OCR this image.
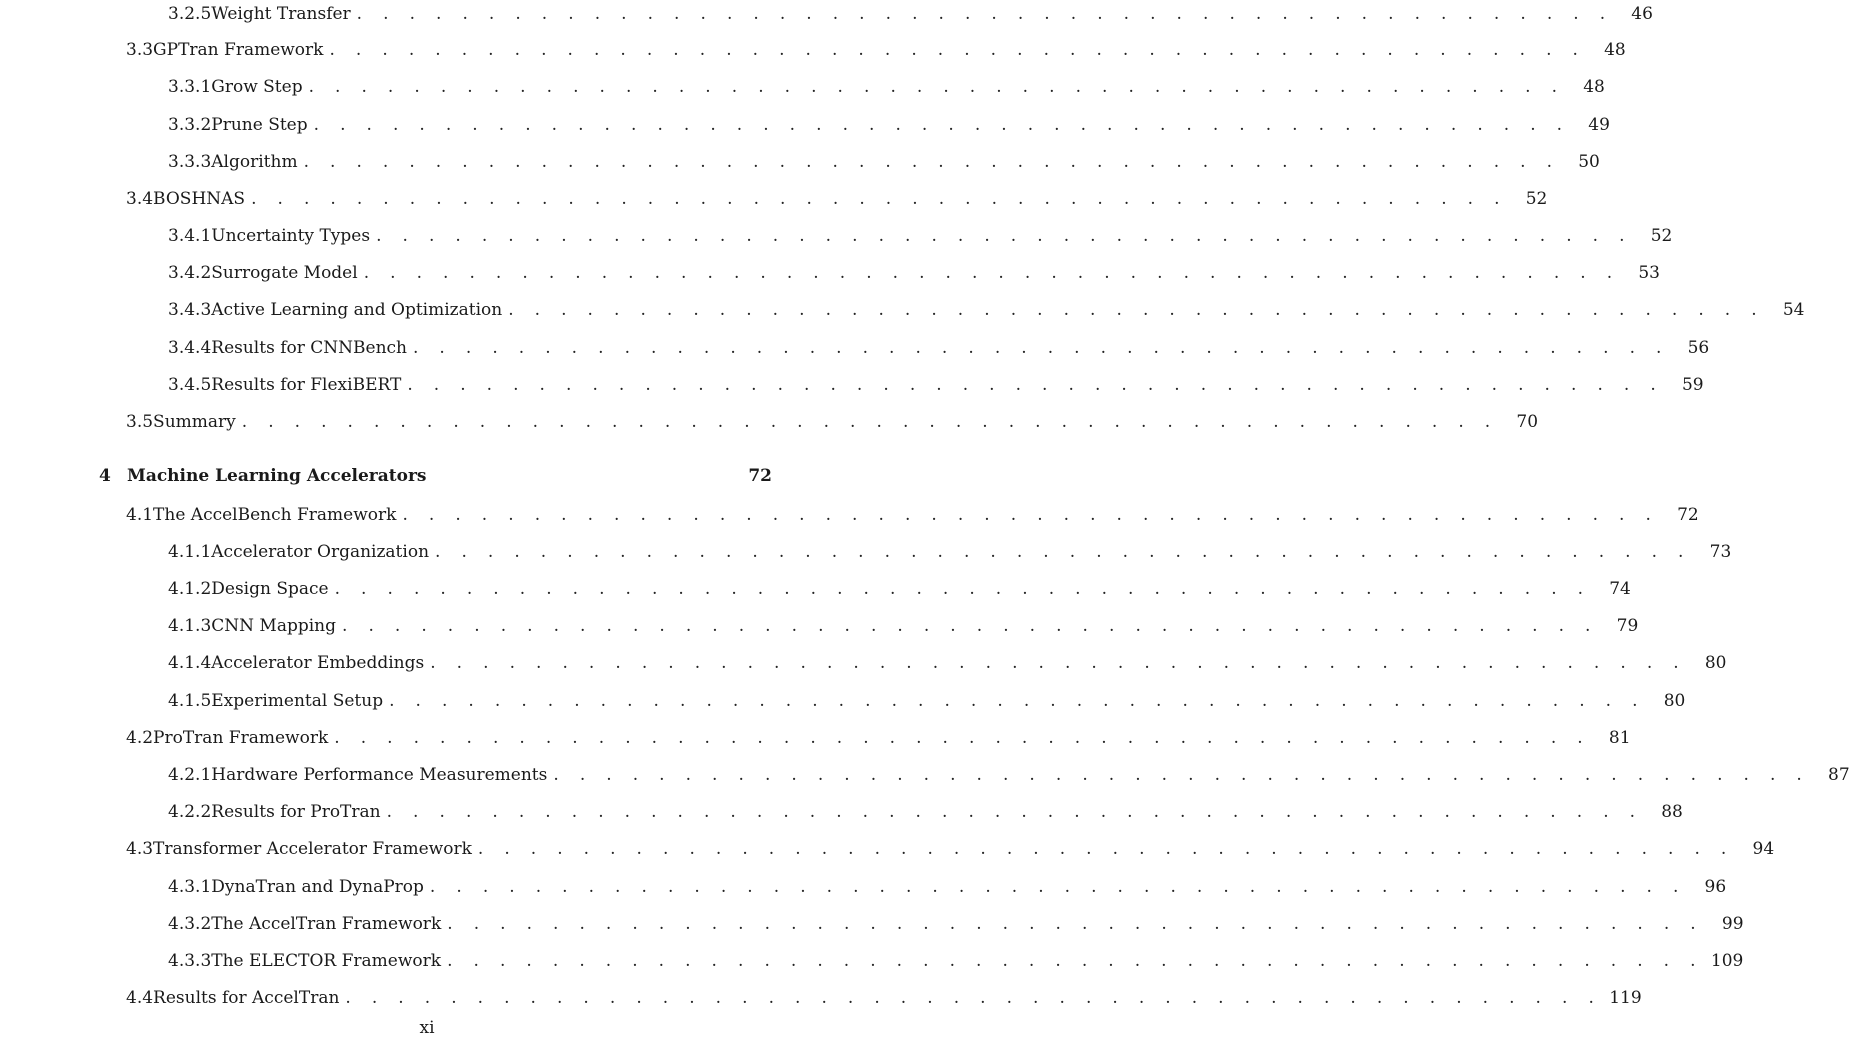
3.2.5 Weight Transfer . . . . . . . . . . . . . . . . . . . . . . . . . . . . . . . . . . . . . . . . . . . . . . . .	46
3.3 GPTran Framework . . . . . . . . . . . . . . . . . . . . . . . . . . . . . . . . . . . . . . . . . . . . . . . .	48
3.3.1 Grow Step . . . . . . . . . . . . . . . . . . . . . . . . . . . . . . . . . . . . . . . . . . . . . . . .	48
3.3.2 Prune Step . . . . . . . . . . . . . . . . . . . . . . . . . . . . . . . . . . . . . . . . . . . . . . . .	49
3.3.3 Algorithm . . . . . . . . . . . . . . . . . . . . . . . . . . . . . . . . . . . . . . . . . . . . . . . .	50
3.4 BOSHNAS . . . . . . . . . . . . . . . . . . . . . . . . . . . . . . . . . . . . . . . . . . . . . . . .	52
3.4.1 Uncertainty Types . . . . . . . . . . . . . . . . . . . . . . . . . . . . . . . . . . . . . . . . . . . . . . . .	52
3.4.2 Surrogate Model . . . . . . . . . . . . . . . . . . . . . . . . . . . . . . . . . . . . . . . . . . . . . . . .	53
3.4.3 Active Learning and Optimization . . . . . . . . . . . . . . . . . . . . . . . . . . . . . . . . . . . . . . . . . . . . . . . .	54
3.4.4 Results for CNNBench . . . . . . . . . . . . . . . . . . . . . . . . . . . . . . . . . . . . . . . . . . . . . . . .	56
3.4.5 Results for FlexiBERT . . . . . . . . . . . . . . . . . . . . . . . . . . . . . . . . . . . . . . . . . . . . . . . .	59
3.5 Summary . . . . . . . . . . . . . . . . . . . . . . . . . . . . . . . . . . . . . . . . . . . . . . . .	70
4 Machine Learning Accelerators	72
4.1 The AccelBench Framework . . . . . . . . . . . . . . . . . . . . . . . . . . . . . . . . . . . . . . . . . . . . . . . .	72
4.1.1 Accelerator Organization . . . . . . . . . . . . . . . . . . . . . . . . . . . . . . . . . . . . . . . . . . . . . . . .	73
4.1.2 Design Space . . . . . . . . . . . . . . . . . . . . . . . . . . . . . . . . . . . . . . . . . . . . . . . .	74
4.1.3 CNN Mapping . . . . . . . . . . . . . . . . . . . . . . . . . . . . . . . . . . . . . . . . . . . . . . . .	79
4.1.4 Accelerator Embeddings . . . . . . . . . . . . . . . . . . . . . . . . . . . . . . . . . . . . . . . . . . . . . . . .	80
4.1.5 Experimental Setup . . . . . . . . . . . . . . . . . . . . . . . . . . . . . . . . . . . . . . . . . . . . . . . .	80
4.2 ProTran Framework . . . . . . . . . . . . . . . . . . . . . . . . . . . . . . . . . . . . . . . . . . . . . . . .	81
4.2.1 Hardware Performance Measurements . . . . . . . . . . . . . . . . . . . . . . . . . . . . . . . . . . . . . . . . . . . . . . . .	87
4.2.2 Results for ProTran . . . . . . . . . . . . . . . . . . . . . . . . . . . . . . . . . . . . . . . . . . . . . . . .	88
4.3 Transformer Accelerator Framework . . . . . . . . . . . . . . . . . . . . . . . . . . . . . . . . . . . . . . . . . . . . . . . .	94
4.3.1 DynaTran and DynaProp . . . . . . . . . . . . . . . . . . . . . . . . . . . . . . . . . . . . . . . . . . . . . . . .	96
4.3.2 The AccelTran Framework . . . . . . . . . . . . . . . . . . . . . . . . . . . . . . . . . . . . . . . . . . . . . . . .	99
4.3.3 The ELECTOR Framework . . . . . . . . . . . . . . . . . . . . . . . . . . . . . . . . . . . . . . . . . . . . . . . . 109
4.4 Results for AccelTran . . . . . . . . . . . . . . . . . . . . . . . . . . . . . . . . . . . . . . . . . . . . . . . . 119
xi
